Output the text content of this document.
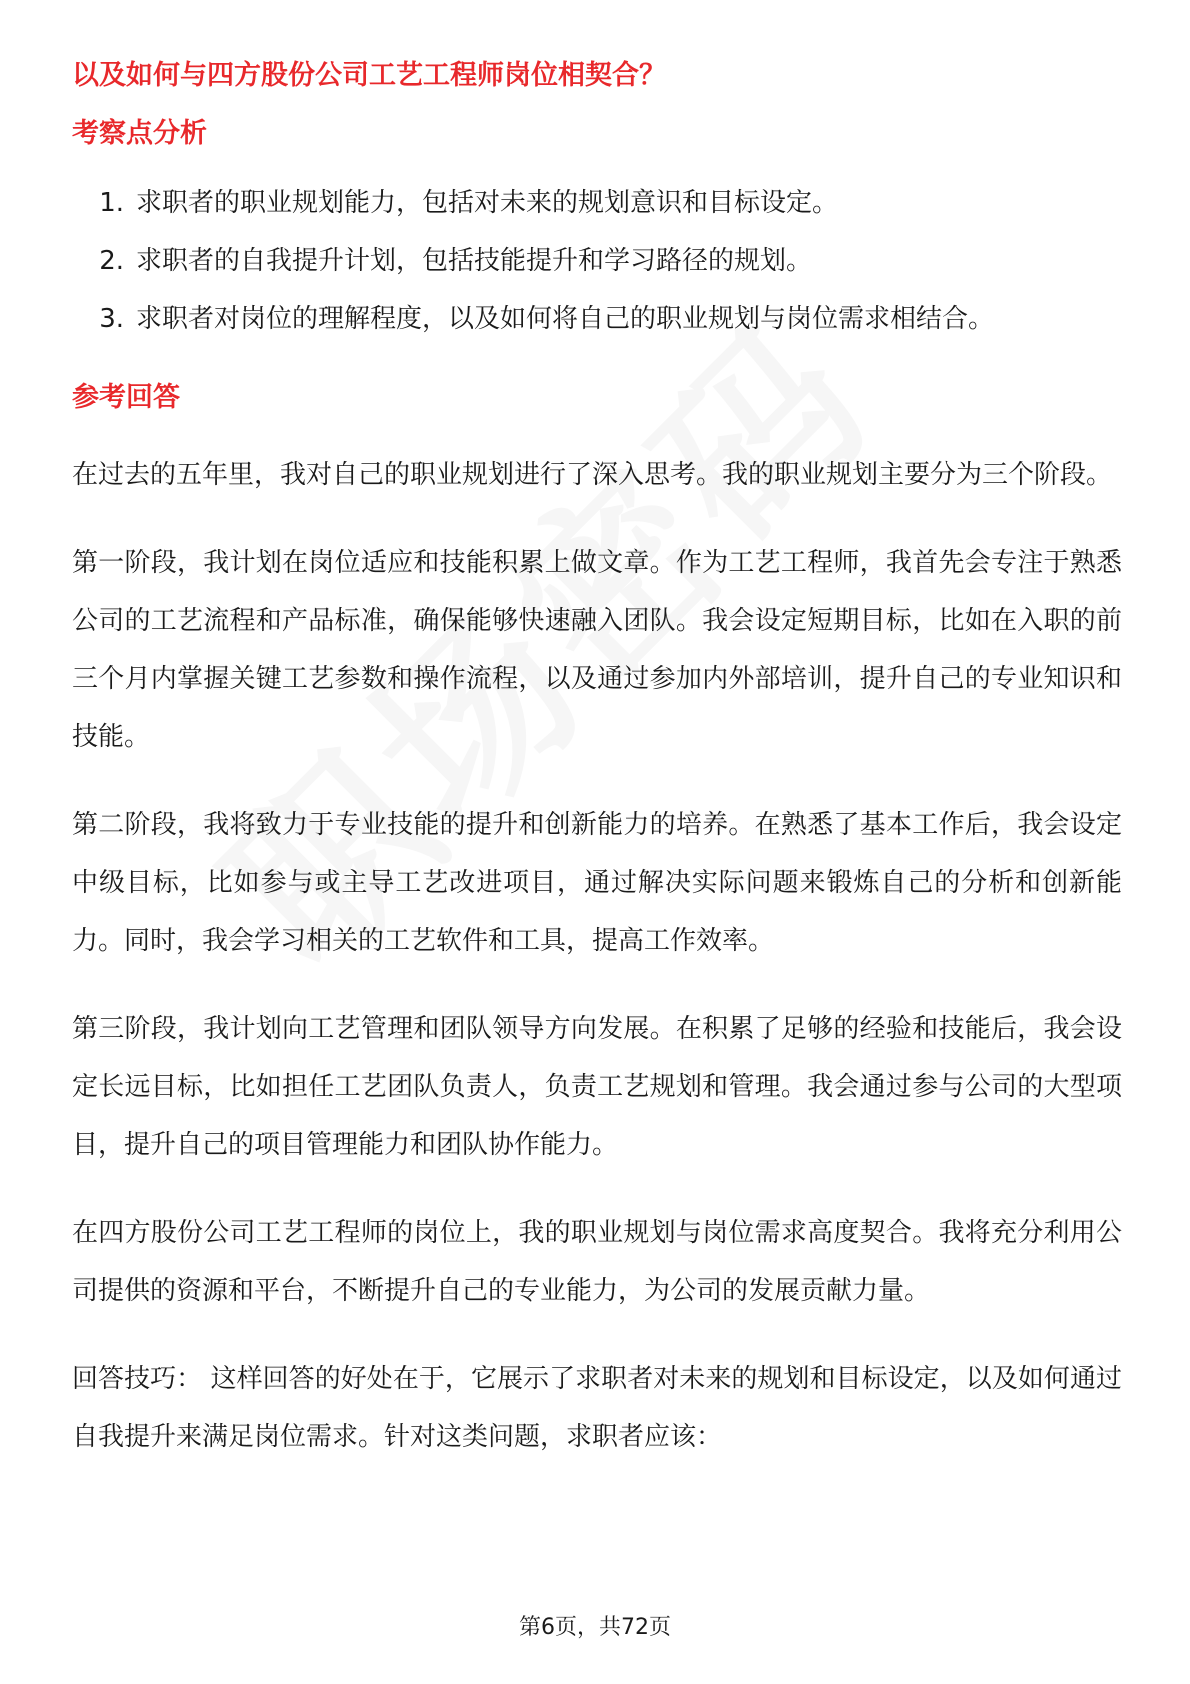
以及如何与四方股份公司工艺工程师岗位相契合？
考察点分析
1. 求职者的职业规划能力，包括对未来的规划意识和目标设定。
2. 求职者的自我提升计划，包括技能提升和学习路径的规划。
3. 求职者对岗位的理解程度，以及如何将自己的职业规划与岗位需求相结合。
参考回答

在过去的五年里，我对自己的职业规划进行了深入思考。我的职业规划主要分为三个阶段。

第一阶段，我计划在岗位适应和技能积累上做文章。作为工艺工程师，我首先会专注于熟悉公司的工艺流程和产品标准，确保能够快速融入团队。我会设定短期目标，比如在入职的前三个月内掌握关键工艺参数和操作流程，以及通过参加内外部培训，提升自己的专业知识和技能。

第二阶段，我将致力于专业技能的提升和创新能力的培养。在熟悉了基本工作后，我会设定中级目标，比如参与或主导工艺改进项目，通过解决实际问题来锻炼自己的分析和创新能力。同时，我会学习相关的工艺软件和工具，提高工作效率。

第三阶段，我计划向工艺管理和团队领导方向发展。在积累了足够的经验和技能后，我会设定长远目标，比如担任工艺团队负责人，负责工艺规划和管理。我会通过参与公司的大型项目，提升自己的项目管理能力和团队协作能力。

在四方股份公司工艺工程师的岗位上，我的职业规划与岗位需求高度契合。我将充分利用公司提供的资源和平台，不断提升自己的专业能力，为公司的发展贡献力量。

回答技巧： 这样回答的好处在于，它展示了求职者对未来的规划和目标设定，以及如何通过自我提升来满足岗位需求。针对这类问题，求职者应该：

第6页，共72页
